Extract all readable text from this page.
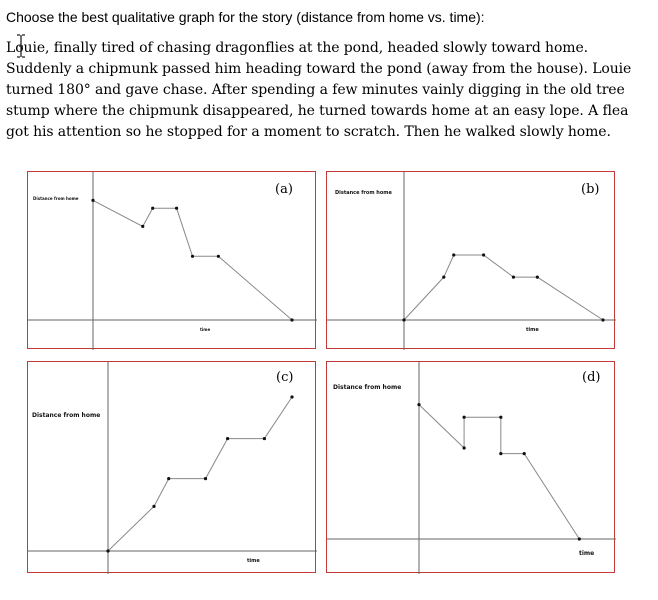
Choose the best qualitative graph for the story (distance from home vs. time):
Louie, finally tired of chasing dragonflies at the pond, headed slowly toward home. Suddenly a chipmunk passed him heading toward the pond (away from the house). Louie turned 180° and gave chase. After spending a few minutes vainly digging in the old tree stump where the chipmunk disappeared, he turned towards home at an easy lope. A flea got his attention so he stopped for a moment to scratch. Then he walked slowly home.
(a)
Distance from home
time
(b)
Distance from home
time
(c)
Distance from home
time
(d)
Distance from home
time
